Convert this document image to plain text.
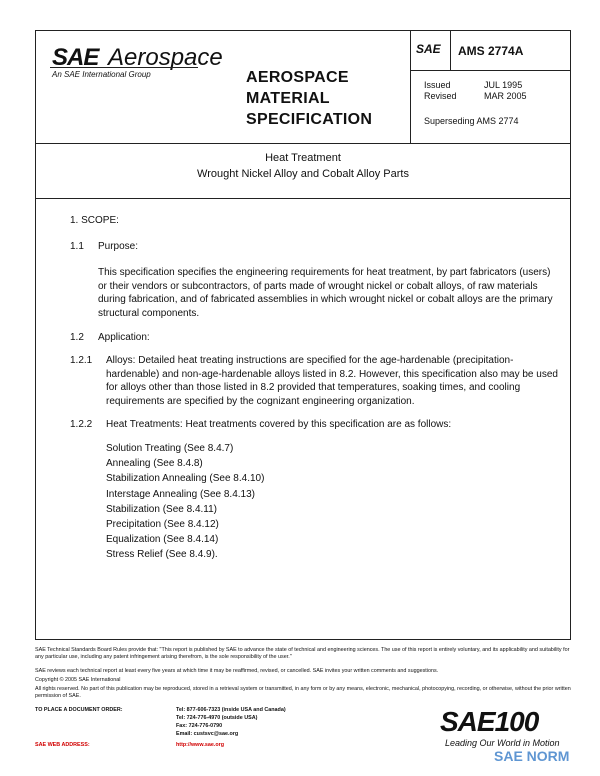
SAE Aerospace
An SAE International Group	AEROSPACE
MATERIAL
SPECIFICATION
SAE AMS 2774A
Issued	JUL 1995
Revised	MAR 2005
Superseding AMS 2774
Heat Treatment
Wrought Nickel Alloy and Cobalt Alloy Parts
1. SCOPE:
1.1 Purpose:
This specification specifies the engineering requirements for heat treatment, by part fabricators (users) or their vendors or subcontractors, of parts made of wrought nickel or cobalt alloys, of raw materials during fabrication, and of fabricated assemblies in which wrought nickel or cobalt alloys are the primary structural components.
1.2 Application:
1.2.1 Alloys: Detailed heat treating instructions are specified for the age-hardenable (precipitation-hardenable) and non-age-hardenable alloys listed in 8.2. However, this specification also may be used for alloys other than those listed in 8.2 provided that temperatures, soaking times, and cooling requirements are specified by the cognizant engineering organization.
1.2.2 Heat Treatments: Heat treatments covered by this specification are as follows:
Solution Treating (See 8.4.7)
Annealing (See 8.4.8)
Stabilization Annealing (See 8.4.10)
Interstage Annealing (See 8.4.13)
Stabilization (See 8.4.11)
Precipitation (See 8.4.12)
Equalization (See 8.4.14)
Stress Relief (See 8.4.9).
SAE Technical Standards Board Rules provide that: "This report is published by SAE to advance the state of technical and engineering sciences. The use of this report is entirely voluntary, and its applicability and suitability for any particular use, including any patent infringement arising therefrom, is the sole responsibility of the user."
SAE reviews each technical report at least every five years at which time it may be reaffirmed, revised, or cancelled. SAE invites your written comments and suggestions.
Copyright © 2005 SAE International
All rights reserved. No part of this publication may be reproduced, stored in a retrieval system or transmitted, in any form or by any means, electronic, mechanical, photocopying, recording, or otherwise, without the prior written permission of SAE.
TO PLACE A DOCUMENT ORDER:	Tel: 877-606-7323 (inside USA and Canada)
Tel: 724-776-4970 (outside USA)
Fax: 724-776-0790
Email: custsvc@sae.org
SAE WEB ADDRESS:	http://www.sae.org
SAE100
Leading Our World in Motion
SAE NORM
